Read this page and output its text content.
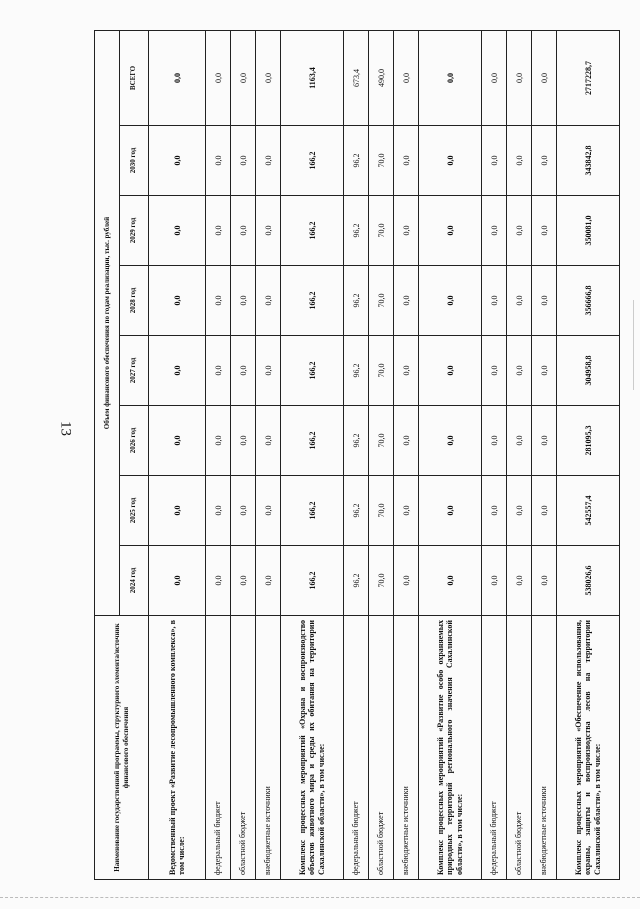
13
Наименование государственной программы, структурного элемента/источник финансового обеспечения	Объем финансового обеспечения по годам реализации, тыс. рублей							
	2024 год	2025 год	2026 год	2027 год	2028 год	2029 год	2030 год	ВСЕГО
Ведомственный проект «Развитие лесопромышленного комплекса», в том числе:	0,0	0,0	0,0	0,0	0,0	0,0	0,0	0,0
федеральный бюджет	0,0	0,0	0,0	0,0	0,0	0,0	0,0	0,0
областной бюджет	0,0	0,0	0,0	0,0	0,0	0,0	0,0	0,0
внебюджетные источники	0,0	0,0	0,0	0,0	0,0	0,0	0,0	0,0
Комплекс процессных мероприятий «Охрана и воспроизводство объектов животного мира и среды их обитания на территории Сахалинской области», в том числе:	166,2	166,2	166,2	166,2	166,2	166,2	166,2	1163,4
федеральный бюджет	96,2	96,2	96,2	96,2	96,2	96,2	96,2	673,4
областной бюджет	70,0	70,0	70,0	70,0	70,0	70,0	70,0	490,0
внебюджетные источники	0,0	0,0	0,0	0,0	0,0	0,0	0,0	0,0
Комплекс процессных мероприятий «Развитие особо охраняемых природных территорий регионального значения Сахалинской области», в том числе:	0,0	0,0	0,0	0,0	0,0	0,0	0,0	0,0
федеральный бюджет	0,0	0,0	0,0	0,0	0,0	0,0	0,0	0,0
областной бюджет	0,0	0,0	0,0	0,0	0,0	0,0	0,0	0,0
внебюджетные источники	0,0	0,0	0,0	0,0	0,0	0,0	0,0	0,0
Комплекс процессных мероприятий «Обеспечение использования, охраны, защиты и воспроизводства лесов на территории Сахалинской области», в том числе:	538026,6	542557,4	281095,3	304958,8	356666,8	350081,0	343842,8	2717228,7
